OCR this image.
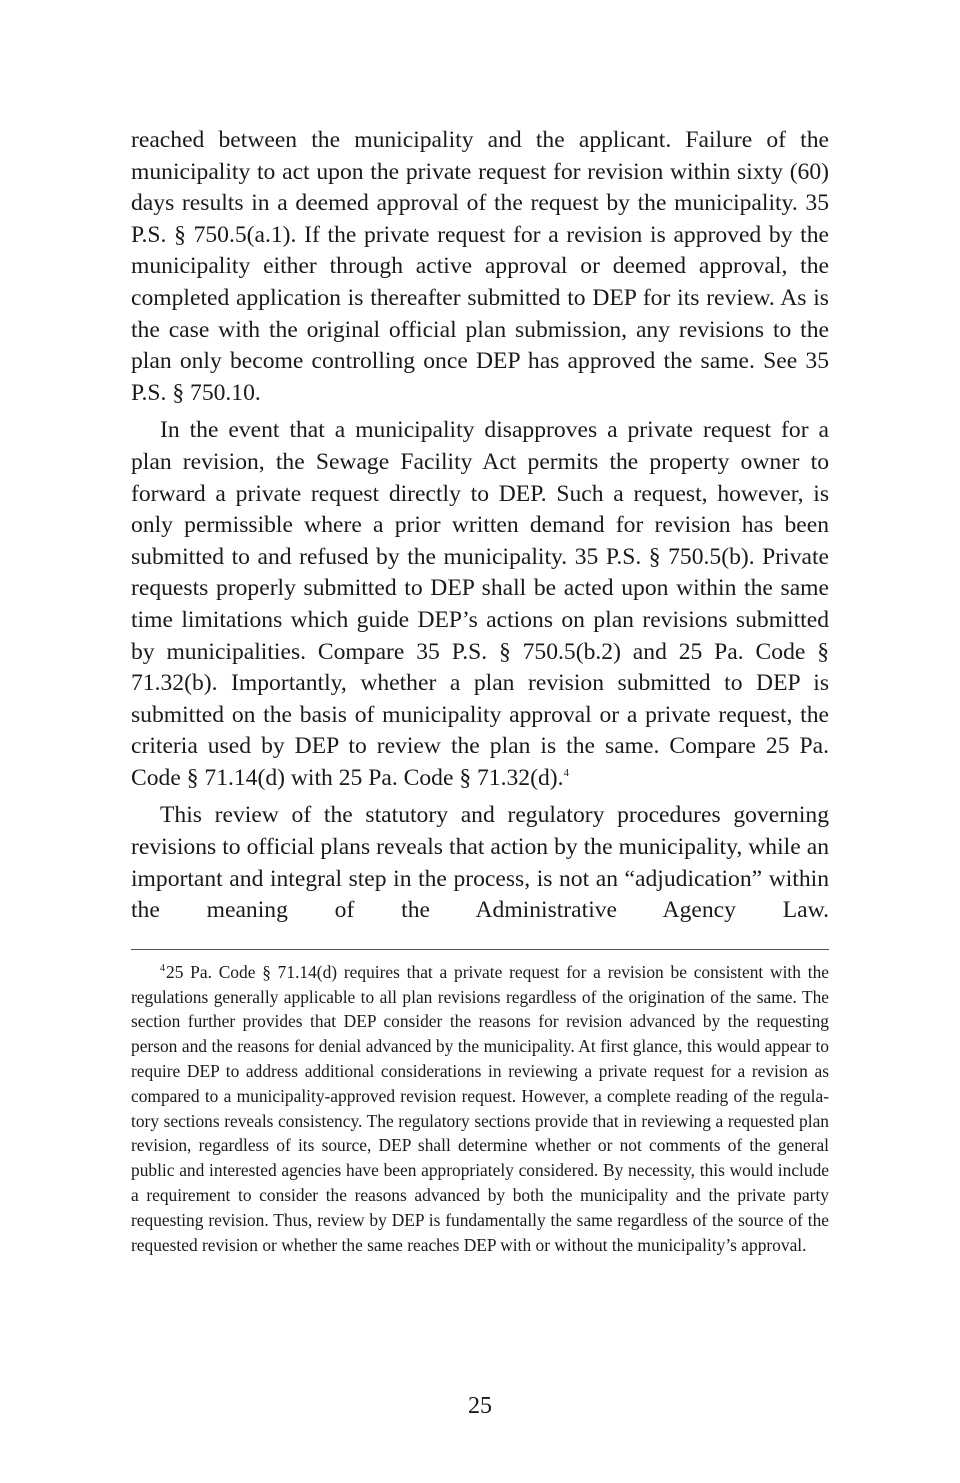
reached between the municipality and the applicant. Failure of the municipality to act upon the private request for revision within sixty (60) days results in a deemed approval of the request by the municipality. 35 P.S. § 750.5(a.1). If the private request for a revision is approved by the municipality either through active approval or deemed approval, the completed application is thereafter submitted to DEP for its review. As is the case with the original official plan submission, any revisions to the plan only become controlling once DEP has approved the same. See 35 P.S. § 750.10.

In the event that a municipality disapproves a private request for a plan revision, the Sewage Facility Act permits the property owner to forward a private request directly to DEP. Such a request, however, is only permissible where a prior written demand for revision has been submitted to and refused by the municipality. 35 P.S. § 750.5(b). Private requests properly submitted to DEP shall be acted upon within the same time limitations which guide DEP’s actions on plan revisions submitted by municipalities. Compare 35 P.S. § 750.5(b.2) and 25 Pa. Code § 71.32(b). Importantly, whether a plan revision submitted to DEP is submitted on the basis of municipality approval or a private request, the criteria used by DEP to review the plan is the same. Compare 25 Pa. Code § 71.14(d) with 25 Pa. Code § 71.32(d).$^4$

This review of the statutory and regulatory procedures governing revisions to official plans reveals that action by the municipality, while an important and integral step in the process, is not an “adjudication” within the meaning of the Administrative Agency Law.

$^4$25 Pa. Code § 71.14(d) requires that a private request for a revision be consistent with the regulations generally applicable to all plan revisions regardless of the origination of the same. The section further provides that DEP consider the reasons for revision advanced by the requesting person and the reasons for denial advanced by the municipality. At first glance, this would appear to require DEP to address additional considerations in reviewing a private request for a revision as compared to a municipality-approved revision request. However, a complete reading of the regulatory sections reveals consistency. The regulatory sections provide that in reviewing a requested plan revision, regardless of its source, DEP shall determine whether or not comments of the general public and interested agencies have been appropriately considered. By necessity, this would include a requirement to consider the reasons advanced by both the municipality and the private party requesting revision. Thus, review by DEP is fundamentally the same regardless of the source of the requested revision or whether the same reaches DEP with or without the municipality’s approval.

25
